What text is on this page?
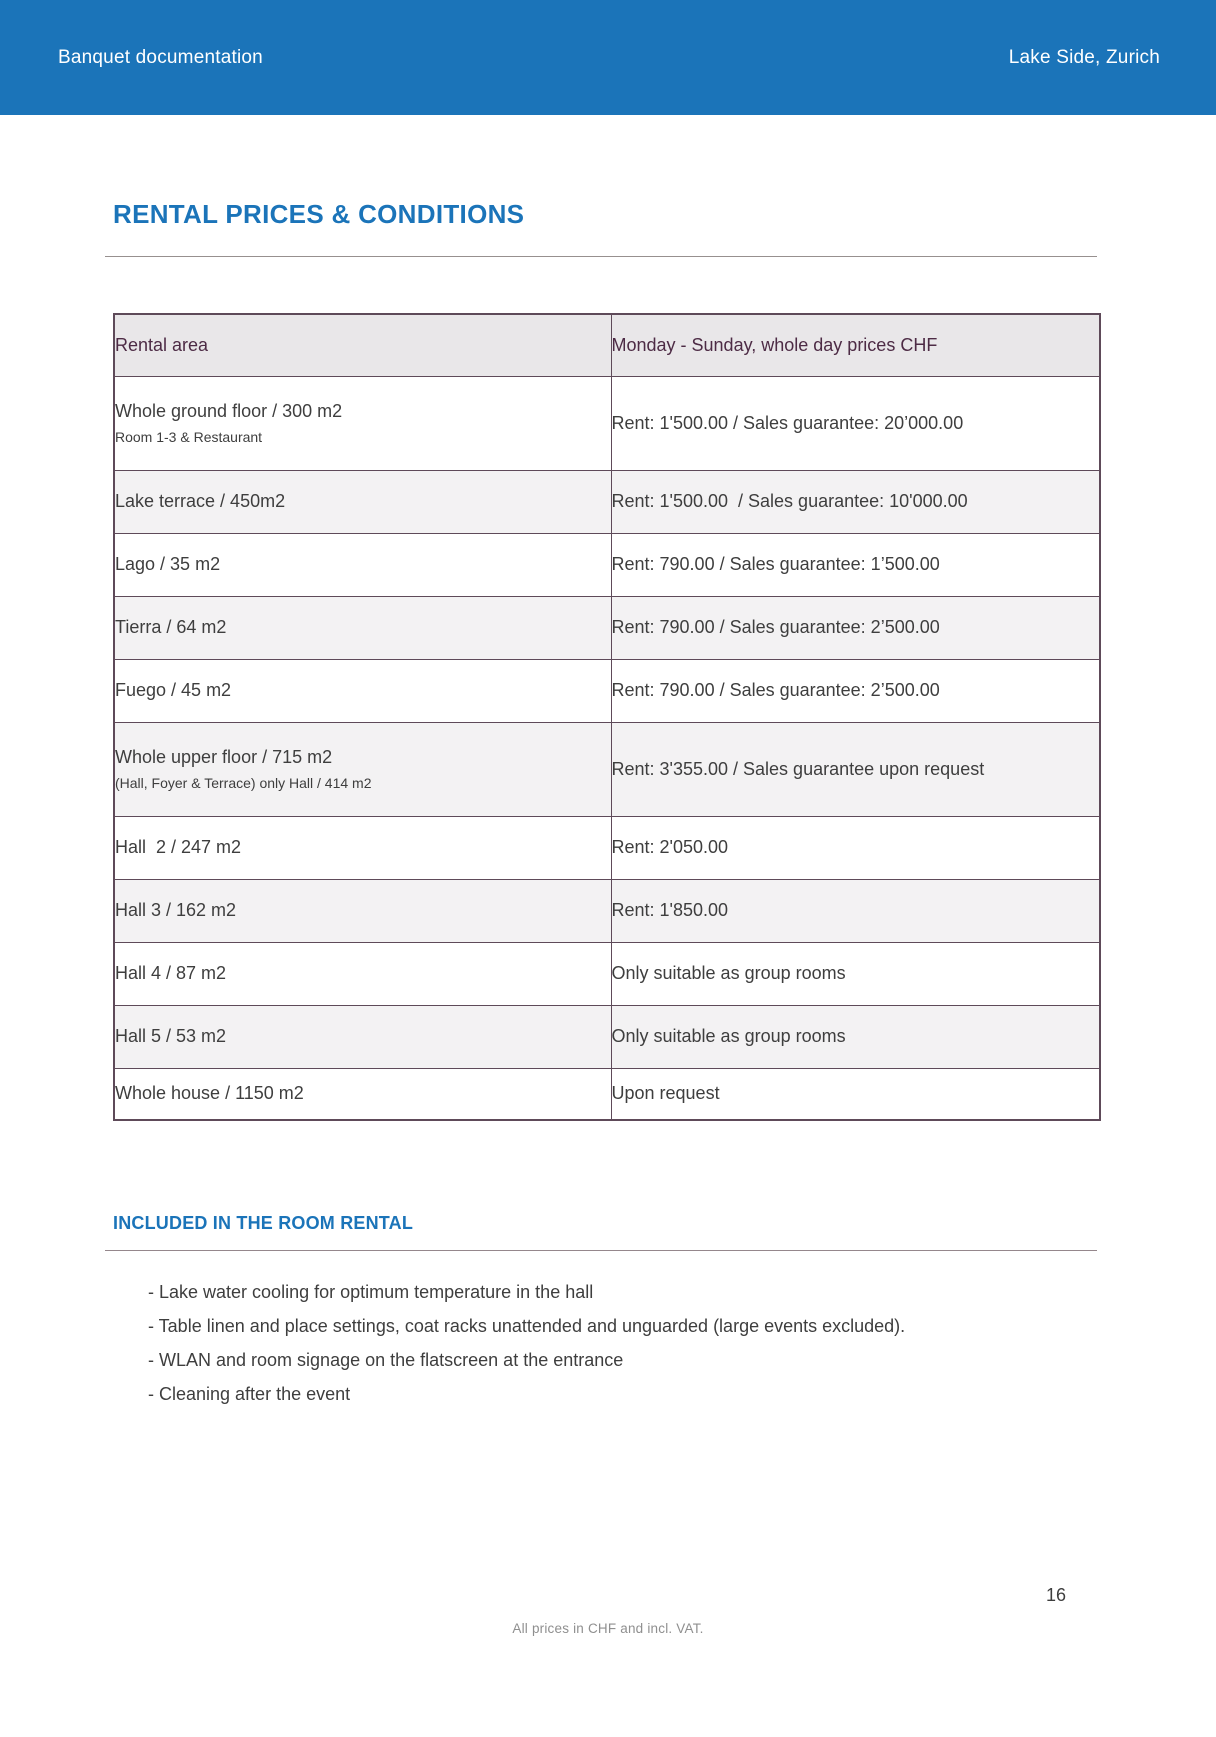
Banquet documentation	Lake Side, Zurich
RENTAL PRICES & CONDITIONS
Rental area	Monday - Sunday, whole day prices CHF
Whole ground floor / 300 m2
Room 1-3 & Restaurant	Rent: 1'500.00 / Sales guarantee: 20’000.00
Lake terrace / 450m2	Rent: 1'500.00  / Sales guarantee: 10'000.00
Lago / 35 m2	Rent: 790.00 / Sales guarantee: 1’500.00
Tierra / 64 m2	Rent: 790.00 / Sales guarantee: 2’500.00
Fuego / 45 m2	Rent: 790.00 / Sales guarantee: 2’500.00
Whole upper floor / 715 m2
(Hall, Foyer & Terrace) only Hall / 414 m2	Rent: 3'355.00 / Sales guarantee upon request
Hall  2 / 247 m2	Rent: 2'050.00
Hall 3 / 162 m2	Rent: 1'850.00
Hall 4 / 87 m2	Only suitable as group rooms
Hall 5 / 53 m2	Only suitable as group rooms
Whole house / 1150 m2	Upon request
INCLUDED IN THE ROOM RENTAL
- Lake water cooling for optimum temperature in the hall
- Table linen and place settings, coat racks unattended and unguarded (large events excluded).
- WLAN and room signage on the flatscreen at the entrance
- Cleaning after the event
16
All prices in CHF and incl. VAT.
